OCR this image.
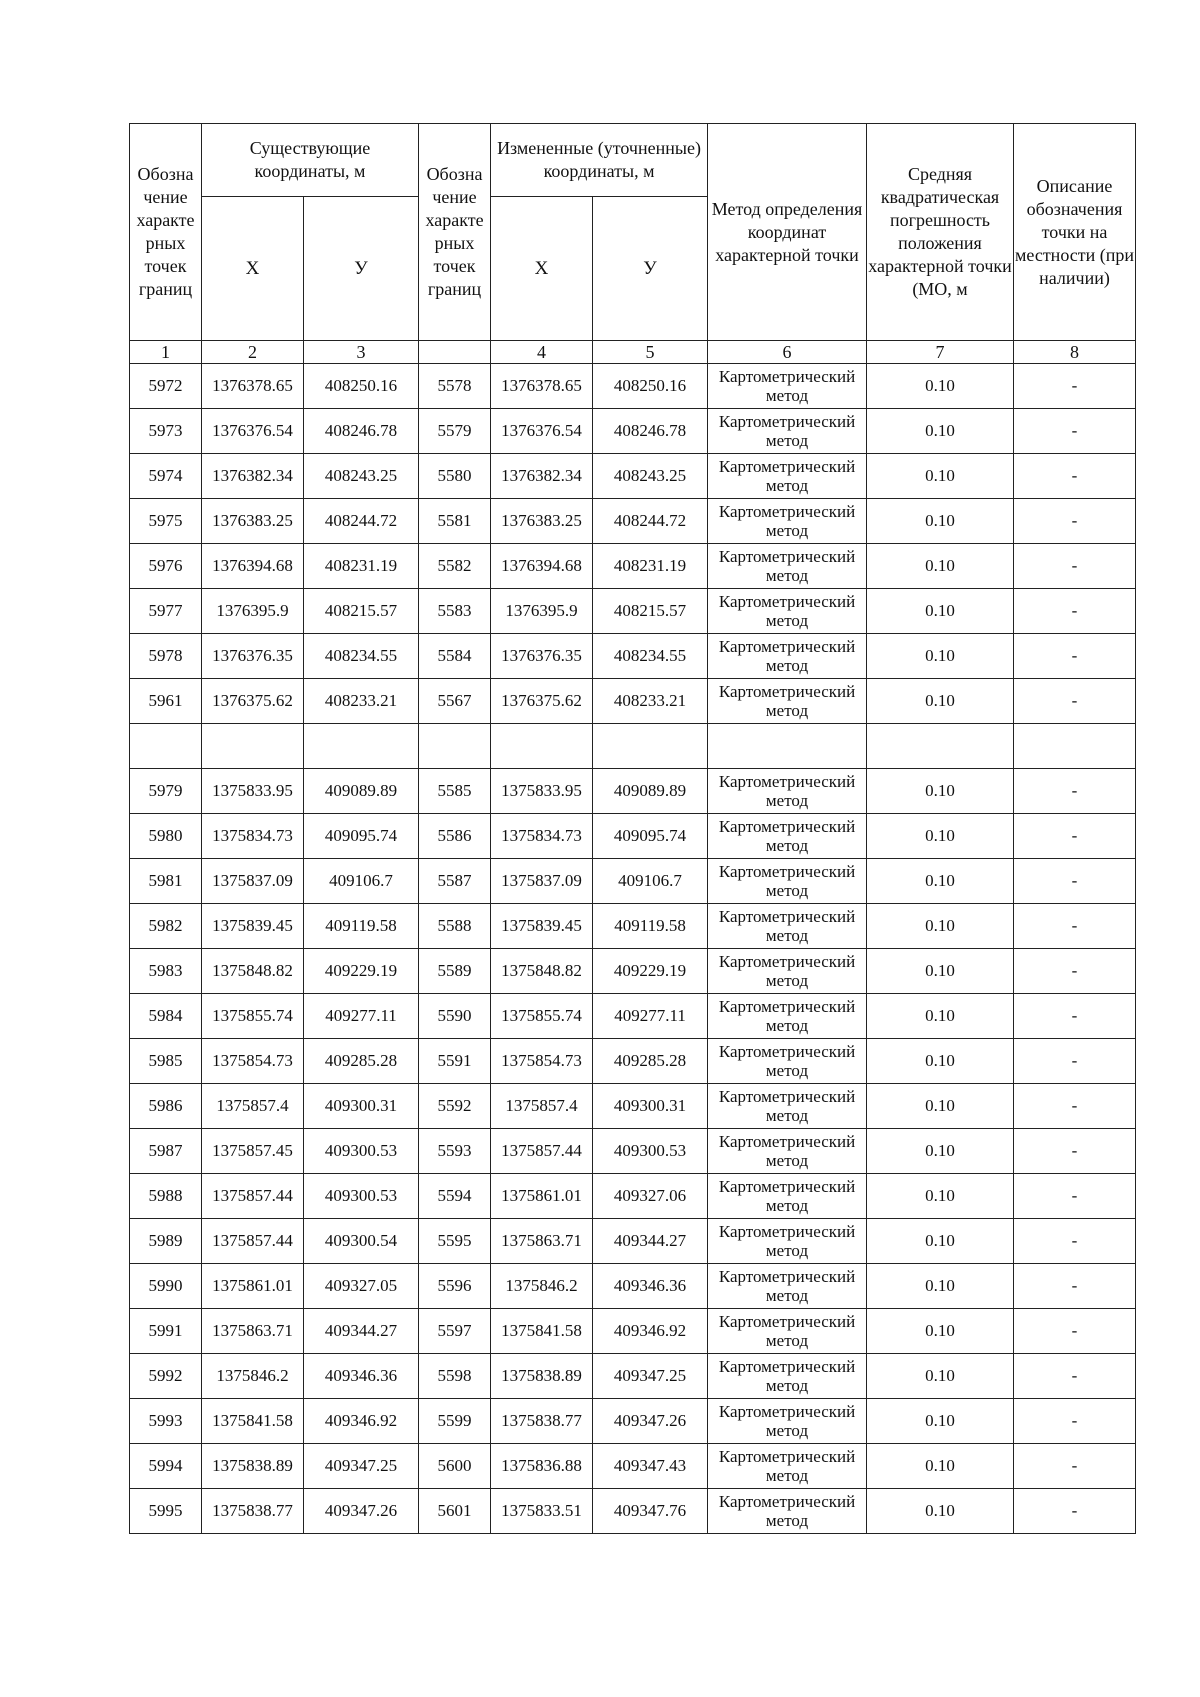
Обозна чение характе рных точек границ	Существующие координаты, м		Обозна чение характе рных точек границ	Измененные (уточненные) координаты, м		Метод определения координат характерной точки	Средняя квадратическая погрешность положения характерной точки (МО, м	Описание обозначения точки на местности (при наличии)
	Х	У		Х	У			
1	2	3		4	5	6	7	8
5972	1376378.65	408250.16	5578	1376378.65	408250.16	Картометрический метод	0.10	-
5973	1376376.54	408246.78	5579	1376376.54	408246.78	Картометрический метод	0.10	-
5974	1376382.34	408243.25	5580	1376382.34	408243.25	Картометрический метод	0.10	-
5975	1376383.25	408244.72	5581	1376383.25	408244.72	Картометрический метод	0.10	-
5976	1376394.68	408231.19	5582	1376394.68	408231.19	Картометрический метод	0.10	-
5977	1376395.9	408215.57	5583	1376395.9	408215.57	Картометрический метод	0.10	-
5978	1376376.35	408234.55	5584	1376376.35	408234.55	Картометрический метод	0.10	-
5961	1376375.62	408233.21	5567	1376375.62	408233.21	Картометрический метод	0.10	-

5979	1375833.95	409089.89	5585	1375833.95	409089.89	Картометрический метод	0.10	-
5980	1375834.73	409095.74	5586	1375834.73	409095.74	Картометрический метод	0.10	-
5981	1375837.09	409106.7	5587	1375837.09	409106.7	Картометрический метод	0.10	-
5982	1375839.45	409119.58	5588	1375839.45	409119.58	Картометрический метод	0.10	-
5983	1375848.82	409229.19	5589	1375848.82	409229.19	Картометрический метод	0.10	-
5984	1375855.74	409277.11	5590	1375855.74	409277.11	Картометрический метод	0.10	-
5985	1375854.73	409285.28	5591	1375854.73	409285.28	Картометрический метод	0.10	-
5986	1375857.4	409300.31	5592	1375857.4	409300.31	Картометрический метод	0.10	-
5987	1375857.45	409300.53	5593	1375857.44	409300.53	Картометрический метод	0.10	-
5988	1375857.44	409300.53	5594	1375861.01	409327.06	Картометрический метод	0.10	-
5989	1375857.44	409300.54	5595	1375863.71	409344.27	Картометрический метод	0.10	-
5990	1375861.01	409327.05	5596	1375846.2	409346.36	Картометрический метод	0.10	-
5991	1375863.71	409344.27	5597	1375841.58	409346.92	Картометрический метод	0.10	-
5992	1375846.2	409346.36	5598	1375838.89	409347.25	Картометрический метод	0.10	-
5993	1375841.58	409346.92	5599	1375838.77	409347.26	Картометрический метод	0.10	-
5994	1375838.89	409347.25	5600	1375836.88	409347.43	Картометрический метод	0.10	-
5995	1375838.77	409347.26	5601	1375833.51	409347.76	Картометрический метод	0.10	-
